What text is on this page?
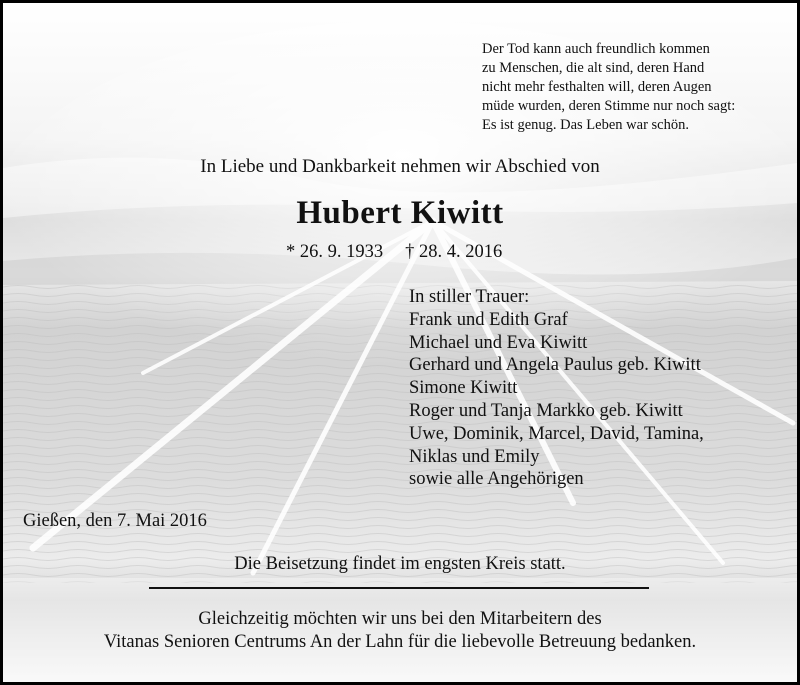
Der Tod kann auch freundlich kommen
zu Menschen, die alt sind, deren Hand
nicht mehr festhalten will, deren Augen
müde wurden, deren Stimme nur noch sagt:
Es ist genug. Das Leben war schön.
In Liebe und Dankbarkeit nehmen wir Abschied von
Hubert Kiwitt
* 26. 9. 1933 † 28. 4. 2016
In stiller Trauer:
Frank und Edith Graf
Michael und Eva Kiwitt
Gerhard und Angela Paulus geb. Kiwitt
Simone Kiwitt
Roger und Tanja Markko geb. Kiwitt
Uwe, Dominik, Marcel, David, Tamina,
Niklas und Emily
sowie alle Angehörigen
Gießen, den 7. Mai 2016
Die Beisetzung findet im engsten Kreis statt.
Gleichzeitig möchten wir uns bei den Mitarbeitern des
Vitanas Senioren Centrums An der Lahn für die liebevolle Betreuung bedanken.
